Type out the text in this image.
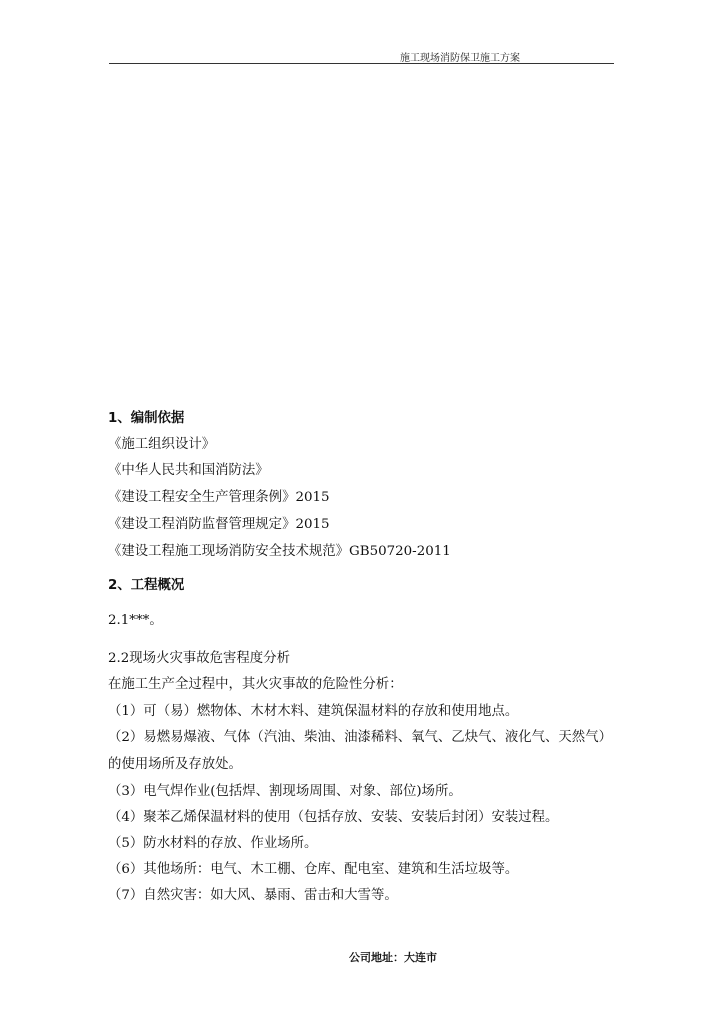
施工现场消防保卫施工方案
1、编制依据
《施工组织设计》
《中华人民共和国消防法》
《建设工程安全生产管理条例》2015
《建设工程消防监督管理规定》2015
《建设工程施工现场消防安全技术规范》GB50720-2011
2、工程概况
2.1***。
2.2现场火灾事故危害程度分析
在施工生产全过程中，其火灾事故的危险性分析：
（1）可（易）燃物体、木材木料、建筑保温材料的存放和使用地点。
（2）易燃易爆液、气体（汽油、柴油、油漆稀料、氧气、乙炔气、液化气、天然气）
的使用场所及存放处。
（3）电气焊作业(包括焊、割现场周围、对象、部位)场所。
（4）聚苯乙烯保温材料的使用（包括存放、安装、安装后封闭）安装过程。
（5）防水材料的存放、作业场所。
（6）其他场所：电气、木工棚、仓库、配电室、建筑和生活垃圾等。
（7）自然灾害：如大风、暴雨、雷击和大雪等。
公司地址：大连市
